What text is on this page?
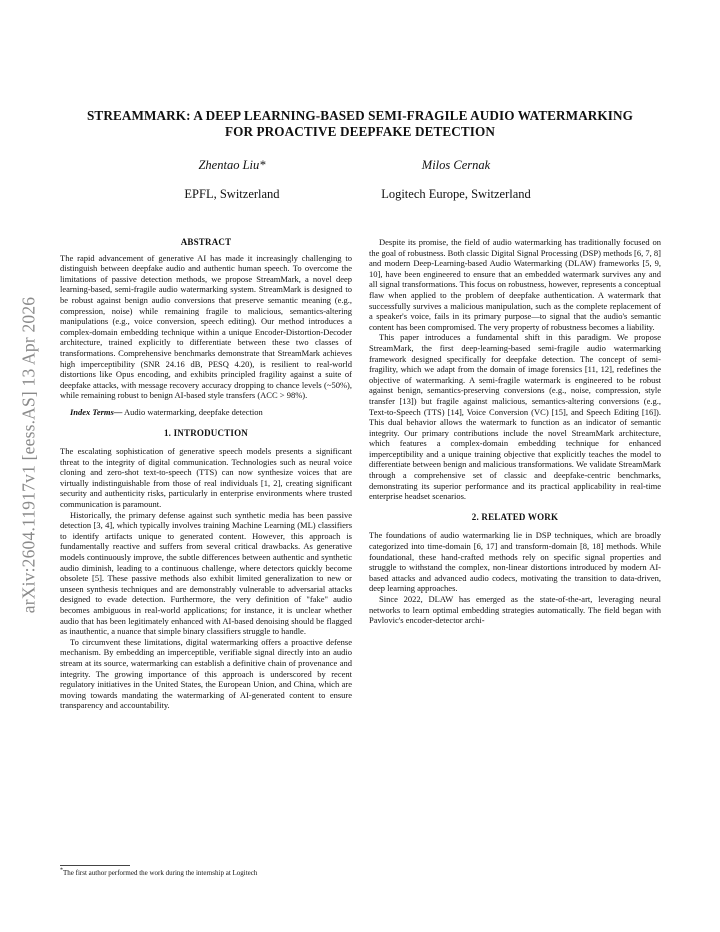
arXiv:2604.11917v1 [eess.AS] 13 Apr 2026
STREAMMARK: A DEEP LEARNING-BASED SEMI-FRAGILE AUDIO WATERMARKING
FOR PROACTIVE DEEPFAKE DETECTION
Zhentao Liu*
EPFL, Switzerland
Milos Cernak
Logitech Europe, Switzerland

ABSTRACT

The rapid advancement of generative AI has made it increasingly challenging to distinguish between deepfake audio and authentic human speech. To overcome the limitations of passive detection methods, we propose StreamMark, a novel deep learning-based, semi-fragile audio watermarking system. StreamMark is designed to be robust against benign audio conversions that preserve semantic meaning (e.g., compression, noise) while remaining fragile to malicious, semantics-altering manipulations (e.g., voice conversion, speech editing). Our method introduces a complex-domain embedding technique within a unique Encoder-Distortion-Decoder architecture, trained explicitly to differentiate between these two classes of transformations. Comprehensive benchmarks demonstrate that StreamMark achieves high imperceptibility (SNR 24.16 dB, PESQ 4.20), is resilient to real-world distortions like Opus encoding, and exhibits principled fragility against a suite of deepfake attacks, with message recovery accuracy dropping to chance levels (~50%), while remaining robust to benign AI-based style transfers (ACC > 98%).

Index Terms— Audio watermarking, deepfake detection

1. INTRODUCTION

The escalating sophistication of generative speech models presents a significant threat to the integrity of digital communication. Technologies such as neural voice cloning and zero-shot text-to-speech (TTS) can now synthesize voices that are virtually indistinguishable from those of real individuals [1, 2], creating significant security and authenticity risks, particularly in enterprise environments where trusted communication is paramount.

Historically, the primary defense against such synthetic media has been passive detection [3, 4], which typically involves training Machine Learning (ML) classifiers to identify artifacts unique to generated content. However, this approach is fundamentally reactive and suffers from several critical drawbacks. As generative models continuously improve, the subtle differences between authentic and synthetic audio diminish, leading to a continuous challenge, where detectors quickly become obsolete [5]. These passive methods also exhibit limited generalization to new or unseen synthesis techniques and are demonstrably vulnerable to adversarial attacks designed to evade detection. Furthermore, the very definition of "fake" audio becomes ambiguous in real-world applications; for instance, it is unclear whether audio that has been legitimately enhanced with AI-based denoising should be flagged as inauthentic, a nuance that simple binary classifiers struggle to handle.

To circumvent these limitations, digital watermarking offers a proactive defense mechanism. By embedding an imperceptible, verifiable signal directly into an audio stream at its source, watermarking can establish a definitive chain of provenance and integrity. The growing importance of this approach is underscored by recent regulatory initiatives in the United States, the European Union, and China, which are moving towards mandating the watermarking of AI-generated content to ensure transparency and accountability.

Despite its promise, the field of audio watermarking has traditionally focused on the goal of robustness. Both classic Digital Signal Processing (DSP) methods [6, 7, 8] and modern Deep-Learning-based Audio Watermarking (DLAW) frameworks [5, 9, 10], have been engineered to ensure that an embedded watermark survives any and all signal transformations. This focus on robustness, however, represents a conceptual flaw when applied to the problem of deepfake authentication. A watermark that successfully survives a malicious manipulation, such as the complete replacement of a speaker's voice, fails in its primary purpose—to signal that the audio's semantic content has been compromised. The very property of robustness becomes a liability.

This paper introduces a fundamental shift in this paradigm. We propose StreamMark, the first deep-learning-based semi-fragile audio watermarking framework designed specifically for deepfake detection. The concept of semi-fragility, which we adapt from the domain of image forensics [11, 12], redefines the objective of watermarking. A semi-fragile watermark is engineered to be robust against benign, semantics-preserving conversions (e.g., noise, compression, style transfer [13]) but fragile against malicious, semantics-altering conversions (e.g., Text-to-Speech (TTS) [14], Voice Conversion (VC) [15], and Speech Editing [16]). This dual behavior allows the watermark to function as an indicator of semantic integrity. Our primary contributions include the novel StreamMark architecture, which features a complex-domain embedding technique for enhanced imperceptibility and a unique training objective that explicitly teaches the model to differentiate between benign and malicious transformations. We validate StreamMark through a comprehensive set of classic and deepfake-centric benchmarks, demonstrating its superior performance and its practical applicability in real-time enterprise headset scenarios.

2. RELATED WORK

The foundations of audio watermarking lie in DSP techniques, which are broadly categorized into time-domain [6, 17] and transform-domain [8, 18] methods. While foundational, these hand-crafted methods rely on specific signal properties and struggle to withstand the complex, non-linear distortions introduced by modern AI-based attacks and advanced audio codecs, motivating the transition to data-driven, deep learning approaches.

Since 2022, DLAW has emerged as the state-of-the-art, leveraging neural networks to learn optimal embedding strategies automatically. The field began with Pavlovic's encoder-detector archi-

*The first author performed the work during the internship at Logitech
